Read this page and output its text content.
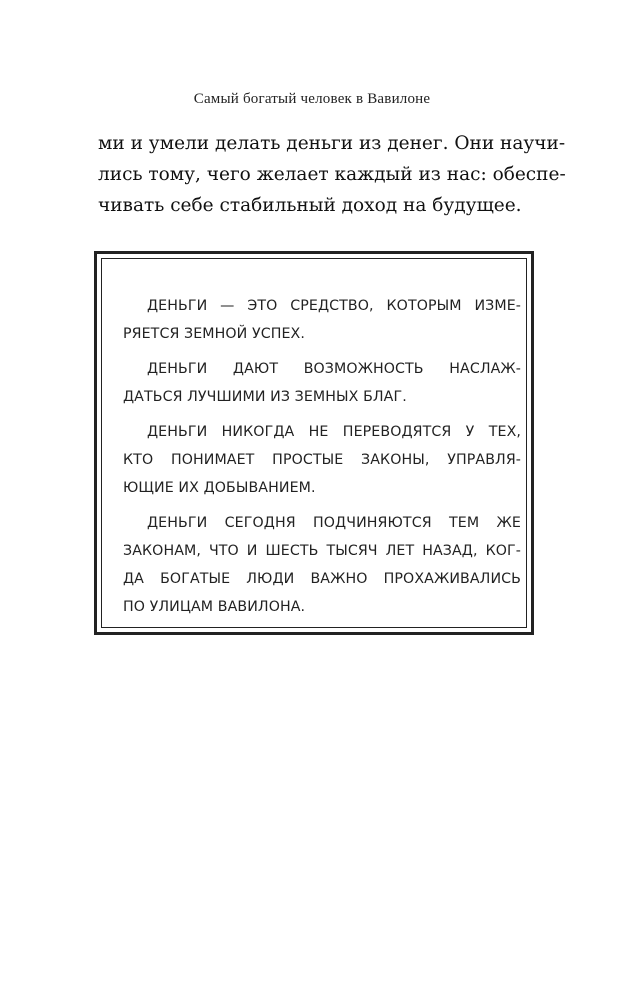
Самый богатый человек в Вавилоне
ми и умели делать деньги из денег. Они научи-
лись тому, чего желает каждый из нас: обеспе-
чивать себе стабильный доход на будущее.
ДЕНЬГИ — ЭТО СРЕДСТВО, КОТОРЫМ ИЗМЕ-
РЯЕТСЯ ЗЕМНОЙ УСПЕХ.
ДЕНЬГИ ДАЮТ ВОЗМОЖНОСТЬ НАСЛАЖ-
ДАТЬСЯ ЛУЧШИМИ ИЗ ЗЕМНЫХ БЛАГ.
ДЕНЬГИ НИКОГДА НЕ ПЕРЕВОДЯТСЯ У ТЕХ,
КТО ПОНИМАЕТ ПРОСТЫЕ ЗАКОНЫ, УПРАВЛЯ-
ЮЩИЕ ИХ ДОБЫВАНИЕМ.
ДЕНЬГИ СЕГОДНЯ ПОДЧИНЯЮТСЯ ТЕМ ЖЕ
ЗАКОНАМ, ЧТО И ШЕСТЬ ТЫСЯЧ ЛЕТ НАЗАД, КОГ-
ДА БОГАТЫЕ ЛЮДИ ВАЖНО ПРОХАЖИВАЛИСЬ
ПО УЛИЦАМ ВАВИЛОНА.
